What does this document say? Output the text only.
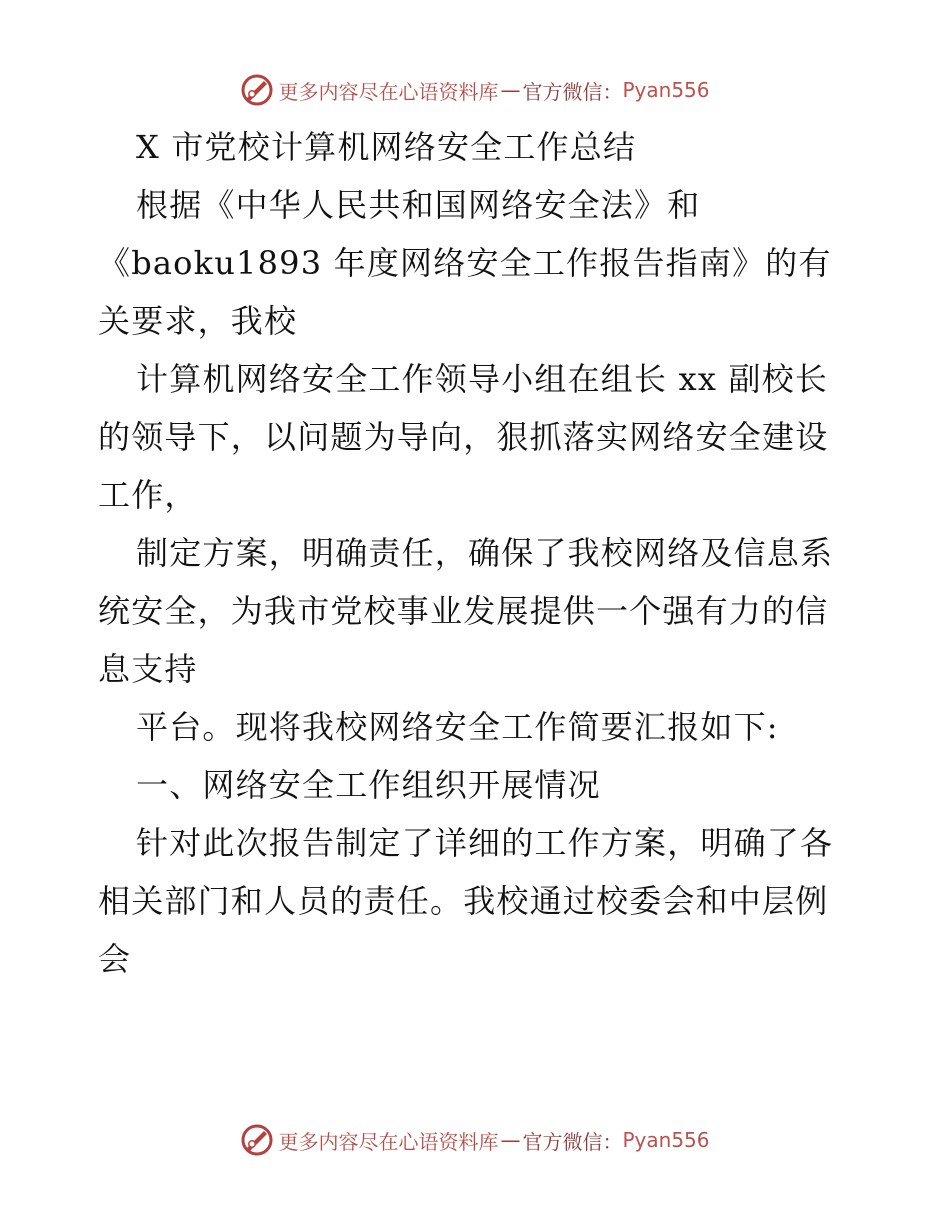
更多内容尽在心语资料库 — 官方微信： Pyan556

X 市党校计算机网络安全工作总结

根据《中华人民共和国网络安全法》和

《baoku1893 年度网络安全工作报告指南》的有关要求，我校

计算机网络安全工作领导小组在组长 xx 副校长的领导下，以问题为导向，狠抓落实网络安全建设工作，

制定方案，明确责任，确保了我校网络及信息系统安全，为我市党校事业发展提供一个强有力的信息支持

平台。现将我校网络安全工作简要汇报如下:

一、网络安全工作组织开展情况

针对此次报告制定了详细的工作方案，明确了各相关部门和人员的责任。我校通过校委会和中层例会

更多内容尽在心语资料库 — 官方微信： Pyan556
